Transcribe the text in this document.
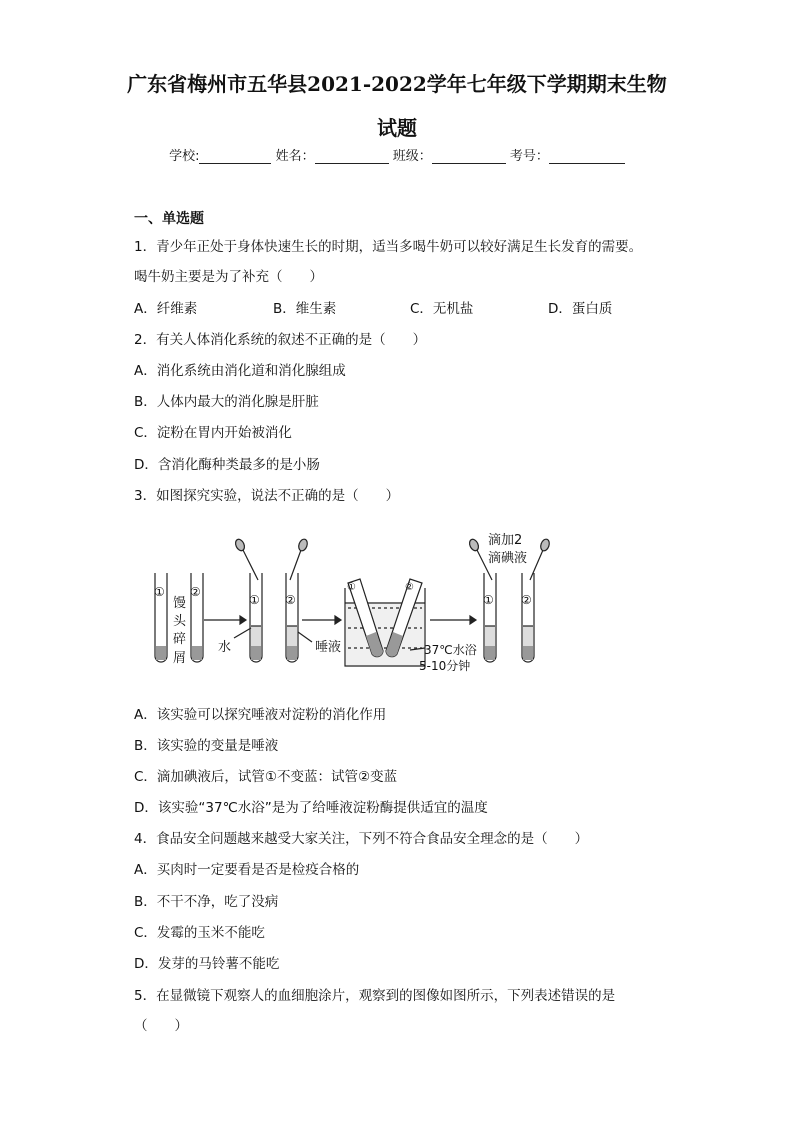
广东省梅州市五华县2021-2022学年七年级下学期期末生物
试题
学校:	姓名：	班级：	考号：
一、单选题
1．青少年正处于身体快速生长的时期，适当多喝牛奶可以较好满足生长发育的需要。
喝牛奶主要是为了补充（　　）
A．纤维素	B．维生素	C．无机盐	D．蛋白质
2．有关人体消化系统的叙述不正确的是（　　）
A．消化系统由消化道和消化腺组成
B．人体内最大的消化腺是肝脏
C．淀粉在胃内开始被消化
D．含消化酶种类最多的是小肠
3．如图探究实验，说法不正确的是（　　）
① ②
馒
头
碎
屑
① ②
水	唾液
①	②
37℃水浴
5-10分钟
滴加2
滴碘液
① ②
A．该实验可以探究唾液对淀粉的消化作用
B．该实验的变量是唾液
C．滴加碘液后，试管①不变蓝：试管②变蓝
D．该实验“37℃水浴”是为了给唾液淀粉酶提供适宜的温度
4．食品安全问题越来越受大家关注，下列不符合食品安全理念的是（　　）
A．买肉时一定要看是否是检疫合格的
B．不干不净，吃了没病
C．发霉的玉米不能吃
D．发芽的马铃薯不能吃
5．在显微镜下观察人的血细胞涂片，观察到的图像如图所示，下列表述错误的是
（　　）
